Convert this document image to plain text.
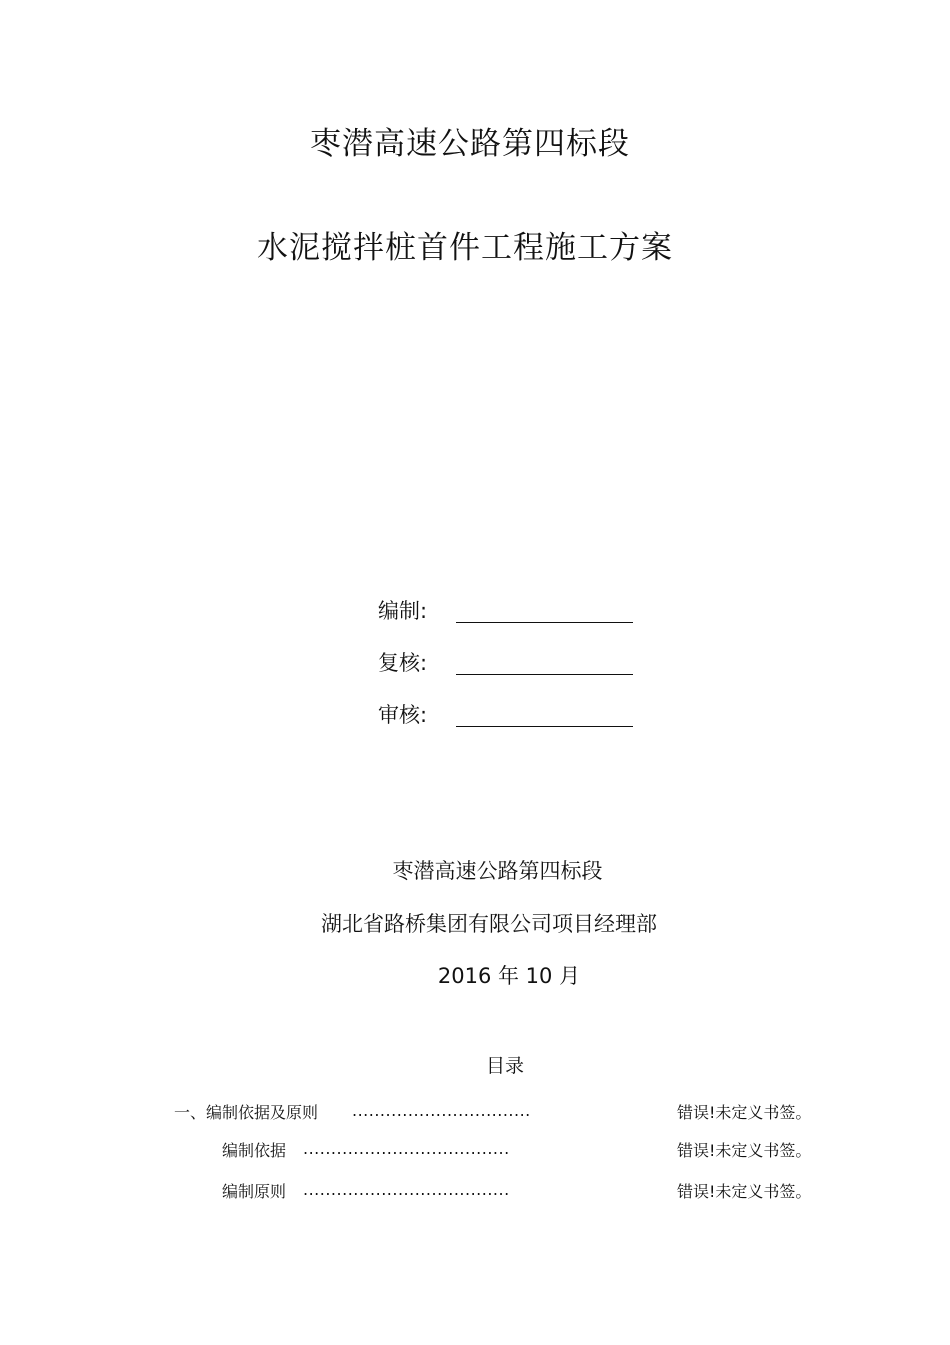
枣潜高速公路第四标段
水泥搅拌桩首件工程施工方案
编制:
复核:
审核:
枣潜高速公路第四标段
湖北省路桥集团有限公司项目经理部
2016 年 10 月
目录
一、编制依据及原则 ................................	错误!未定义书签。
编制依据 .....................................	错误!未定义书签。
编制原则 .....................................	错误!未定义书签。
